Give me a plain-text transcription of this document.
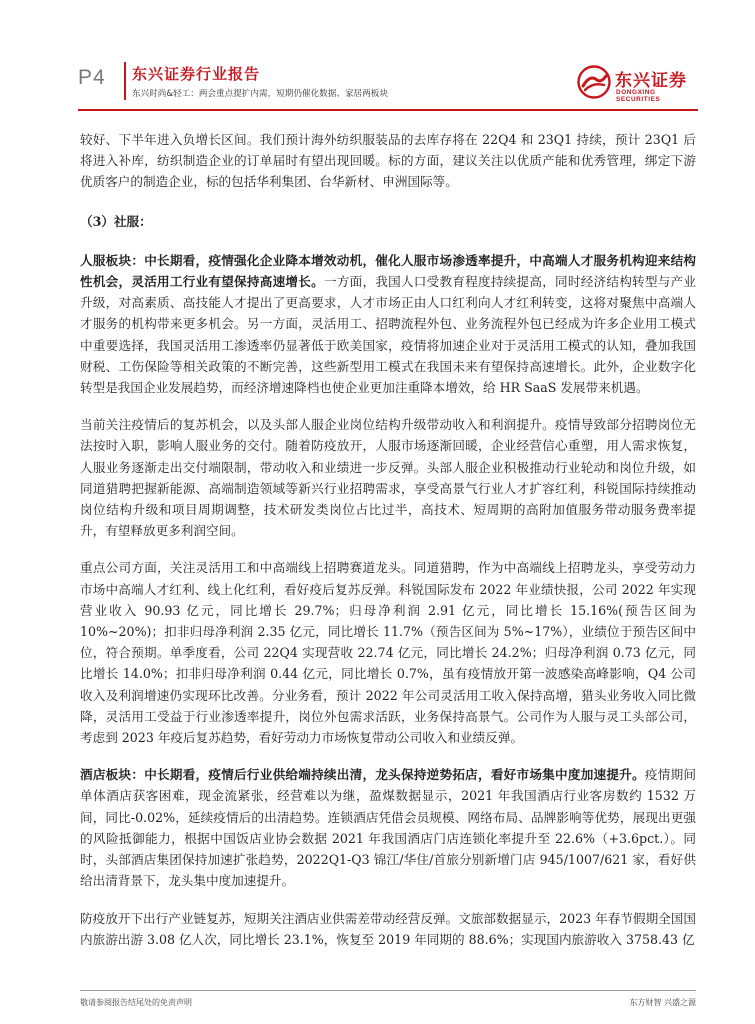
P4 东兴证券行业报告
东兴时尚&轻工：两会重点提扩内需，短期仍催化数据、家居两板块
东兴证券
DONGXING SECURITIES

较好、下半年进入负增长区间。我们预计海外纺织服装品的去库存将在 22Q4 和 23Q1 持续，预计 23Q1 后将进入补库，纺织制造企业的订单届时有望出现回暖。标的方面，建议关注以优质产能和优秀管理，绑定下游优质客户的制造企业，标的包括华利集团、台华新材、申洲国际等。

（3）社服：

人服板块：中长期看，疫情强化企业降本增效动机，催化人服市场渗透率提升，中高端人才服务机构迎来结构性机会，灵活用工行业有望保持高速增长。一方面，我国人口受教育程度持续提高，同时经济结构转型与产业升级，对高素质、高技能人才提出了更高要求，人才市场正由人口红利向人才红利转变，这将对聚焦中高端人才服务的机构带来更多机会。另一方面，灵活用工、招聘流程外包、业务流程外包已经成为许多企业用工模式中重要选择，我国灵活用工渗透率仍显著低于欧美国家，疫情将加速企业对于灵活用工模式的认知，叠加我国财税、工伤保险等相关政策的不断完善，这些新型用工模式在我国未来有望保持高速增长。此外，企业数字化转型是我国企业发展趋势，而经济增速降档也使企业更加注重降本增效，给 HR SaaS 发展带来机遇。

当前关注疫情后的复苏机会，以及头部人服企业岗位结构升级带动收入和利润提升。疫情导致部分招聘岗位无法按时入职，影响人服业务的交付。随着防疫放开，人服市场逐渐回暖，企业经营信心重塑，用人需求恢复，人服业务逐渐走出交付端限制，带动收入和业绩进一步反弹。头部人服企业积极推动行业轮动和岗位升级，如同道猎聘把握新能源、高端制造领域等新兴行业招聘需求，享受高景气行业人才扩容红利，科锐国际持续推动岗位结构升级和项目周期调整，技术研发类岗位占比过半，高技术、短周期的高附加值服务带动服务费率提升，有望释放更多利润空间。

重点公司方面，关注灵活用工和中高端线上招聘赛道龙头。同道猎聘，作为中高端线上招聘龙头，享受劳动力市场中高端人才红利、线上化红利，看好疫后复苏反弹。科锐国际发布 2022 年业绩快报，公司 2022 年实现营业收入 90.93 亿元，同比增长 29.7%；归母净利润 2.91 亿元，同比增长 15.16%(预告区间为 10%~20%)；扣非归母净利润 2.35 亿元，同比增长 11.7%（预告区间为 5%~17%），业绩位于预告区间中位，符合预期。单季度看，公司 22Q4 实现营收 22.74 亿元，同比增长 24.2%；归母净利润 0.73 亿元，同比增长 14.0%；扣非归母净利润 0.44 亿元，同比增长 0.7%，虽有疫情放开第一波感染高峰影响，Q4 公司收入及利润增速仍实现环比改善。分业务看，预计 2022 年公司灵活用工收入保持高增，猎头业务收入同比微降，灵活用工受益于行业渗透率提升，岗位外包需求活跃，业务保持高景气。公司作为人服与灵工头部公司，考虑到 2023 年疫后复苏趋势，看好劳动力市场恢复带动公司收入和业绩反弹。

酒店板块：中长期看，疫情后行业供给端持续出清，龙头保持逆势拓店，看好市场集中度加速提升。疫情期间单体酒店获客困难，现金流紧张，经营难以为继，盈煤数据显示，2021 年我国酒店行业客房数约 1532 万间，同比-0.02%，延续疫情后的出清趋势。连锁酒店凭借会员规模、网络布局、品牌影响等优势，展现出更强的风险抵御能力，根据中国饭店业协会数据 2021 年我国酒店门店连锁化率提升至 22.6%（+3.6pct.）。同时，头部酒店集团保持加速扩张趋势，2022Q1-Q3 锦江/华住/首旅分别新增门店 945/1007/621 家，看好供给出清背景下，龙头集中度加速提升。

防疫放开下出行产业链复苏，短期关注酒店业供需差带动经营反弹。文旅部数据显示，2023 年春节假期全国国内旅游出游 3.08 亿人次，同比增长 23.1%，恢复至 2019 年同期的 88.6%；实现国内旅游收入 3758.43 亿

敬请参阅报告结尾处的免责声明	东方财智 兴盛之源
